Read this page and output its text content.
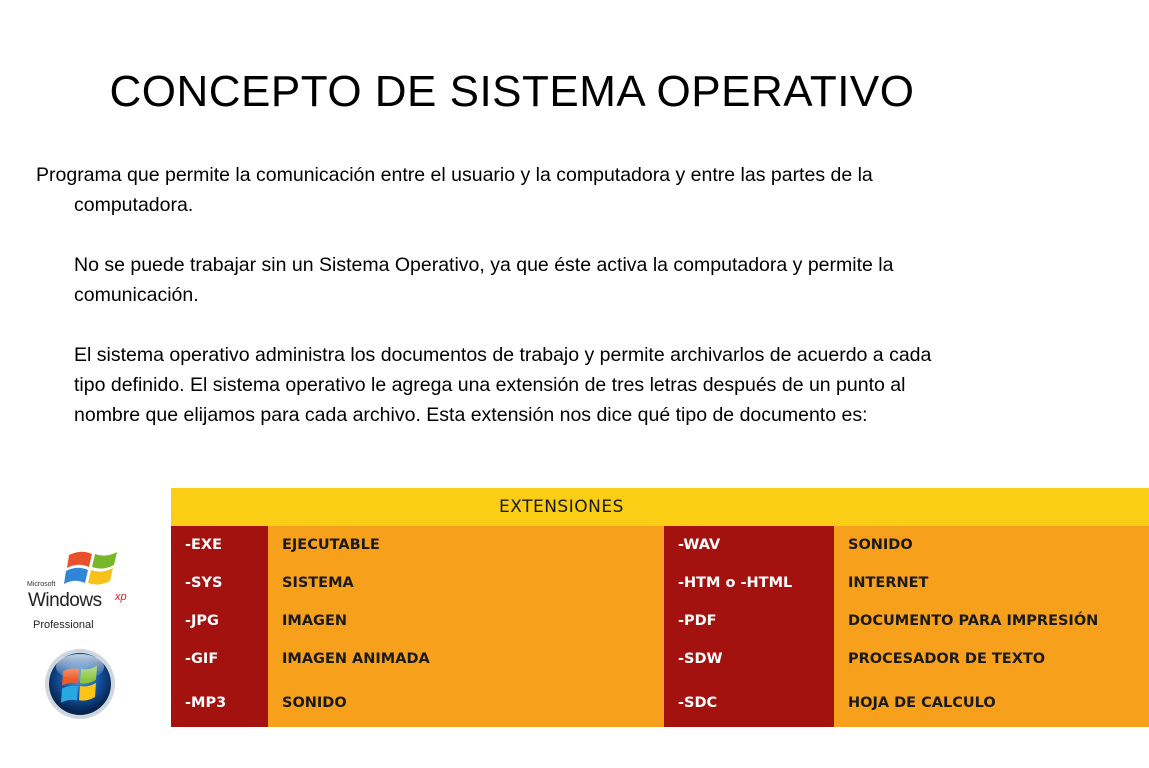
CONCEPTO DE SISTEMA OPERATIVO

Programa que permite la comunicación entre el usuario y la computadora y entre las partes de la computadora.

No se puede trabajar sin un Sistema Operativo, ya que éste activa la computadora y permite la comunicación.

El sistema operativo administra los documentos de trabajo y permite archivarlos de acuerdo a cada tipo definido. El sistema operativo le agrega una extensión de tres letras después de un punto al nombre que elijamos para cada archivo. Esta extensión nos dice qué tipo de documento es:

EXTENSIONES			
-EXE	EJECUTABLE	-WAV	SONIDO
-SYS	SISTEMA	-HTM o -HTML	INTERNET
-JPG	IMAGEN	-PDF	DOCUMENTO PARA IMPRESIÓN
-GIF	IMAGEN ANIMADA	-SDW	PROCESADOR DE TEXTO
-MP3	SONIDO	-SDC	HOJA DE CALCULO
Microsoft
Windows xp
Professional
